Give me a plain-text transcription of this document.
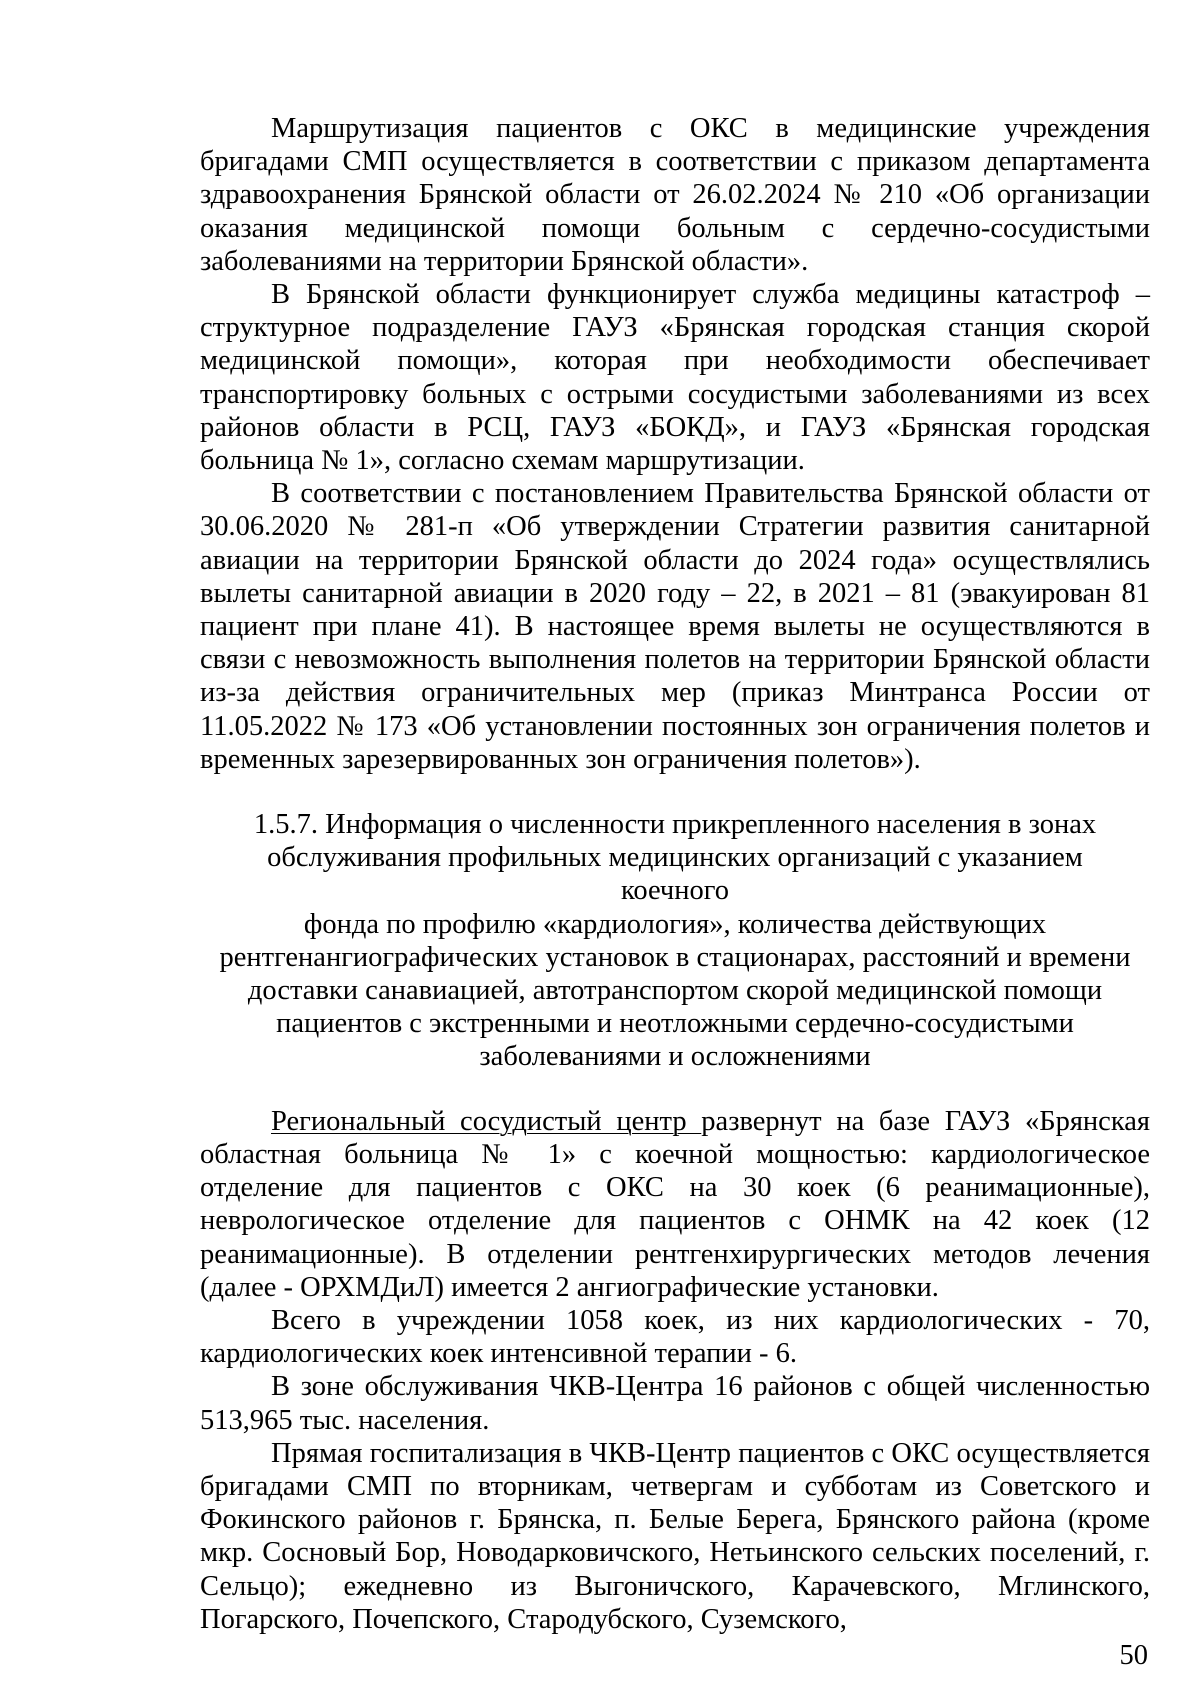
Маршрутизация пациентов с ОКС в медицинские учреждения бригадами СМП осуществляется в соответствии с приказом департамента здравоохранения Брянской области от 26.02.2024 № 210 «Об организации оказания медицинской помощи больным с сердечно-сосудистыми заболеваниями на территории Брянской области».

В Брянской области функционирует служба медицины катастроф – структурное подразделение ГАУЗ «Брянская городская станция скорой медицинской помощи», которая при необходимости обеспечивает транспортировку больных с острыми сосудистыми заболеваниями из всех районов области в РСЦ, ГАУЗ «БОКД», и ГАУЗ «Брянская городская больница № 1», согласно схемам маршрутизации.

В соответствии с постановлением Правительства Брянской области от 30.06.2020 № 281-п «Об утверждении Стратегии развития санитарной авиации на территории Брянской области до 2024 года» осуществлялись вылеты санитарной авиации в 2020 году – 22, в 2021 – 81 (эвакуирован 81 пациент при плане 41). В настоящее время вылеты не осуществляются в связи с невозможность выполнения полетов на территории Брянской области из-за действия ограничительных мер (приказ Минтранса России от 11.05.2022 № 173 «Об установлении постоянных зон ограничения полетов и временных зарезервированных зон ограничения полетов»).

1.5.7. Информация о численности прикрепленного населения в зонах
обслуживания профильных медицинских организаций с указанием коечного
фонда по профилю «кардиология», количества действующих
рентгенангиографических установок в стационарах, расстояний и времени
доставки санавиацией, автотранспортом скорой медицинской помощи
пациентов с экстренными и неотложными сердечно-сосудистыми
заболеваниями и осложнениями

Региональный сосудистый центр развернут на базе ГАУЗ «Брянская областная больница № 1» с коечной мощностью: кардиологическое отделение для пациентов с ОКС на 30 коек (6 реанимационные), неврологическое отделение для пациентов с ОНМК на 42 коек (12 реанимационные). В отделении рентгенхирургических методов лечения (далее - ОРХМДиЛ) имеется 2 ангиографические установки.

Всего в учреждении 1058 коек, из них кардиологических - 70, кардиологических коек интенсивной терапии - 6.

В зоне обслуживания ЧКВ-Центра 16 районов с общей численностью 513,965 тыс. населения.

Прямая госпитализация в ЧКВ-Центр пациентов с ОКС осуществляется бригадами СМП по вторникам, четвергам и субботам из Советского и Фокинского районов г. Брянска, п. Белые Берега, Брянского района (кроме мкр. Сосновый Бор, Новодарковичского, Нетьинского сельских поселений, г. Сельцо); ежедневно из Выгоничского, Карачевского, Мглинского, Погарского, Почепского, Стародубского, Суземского,

50
